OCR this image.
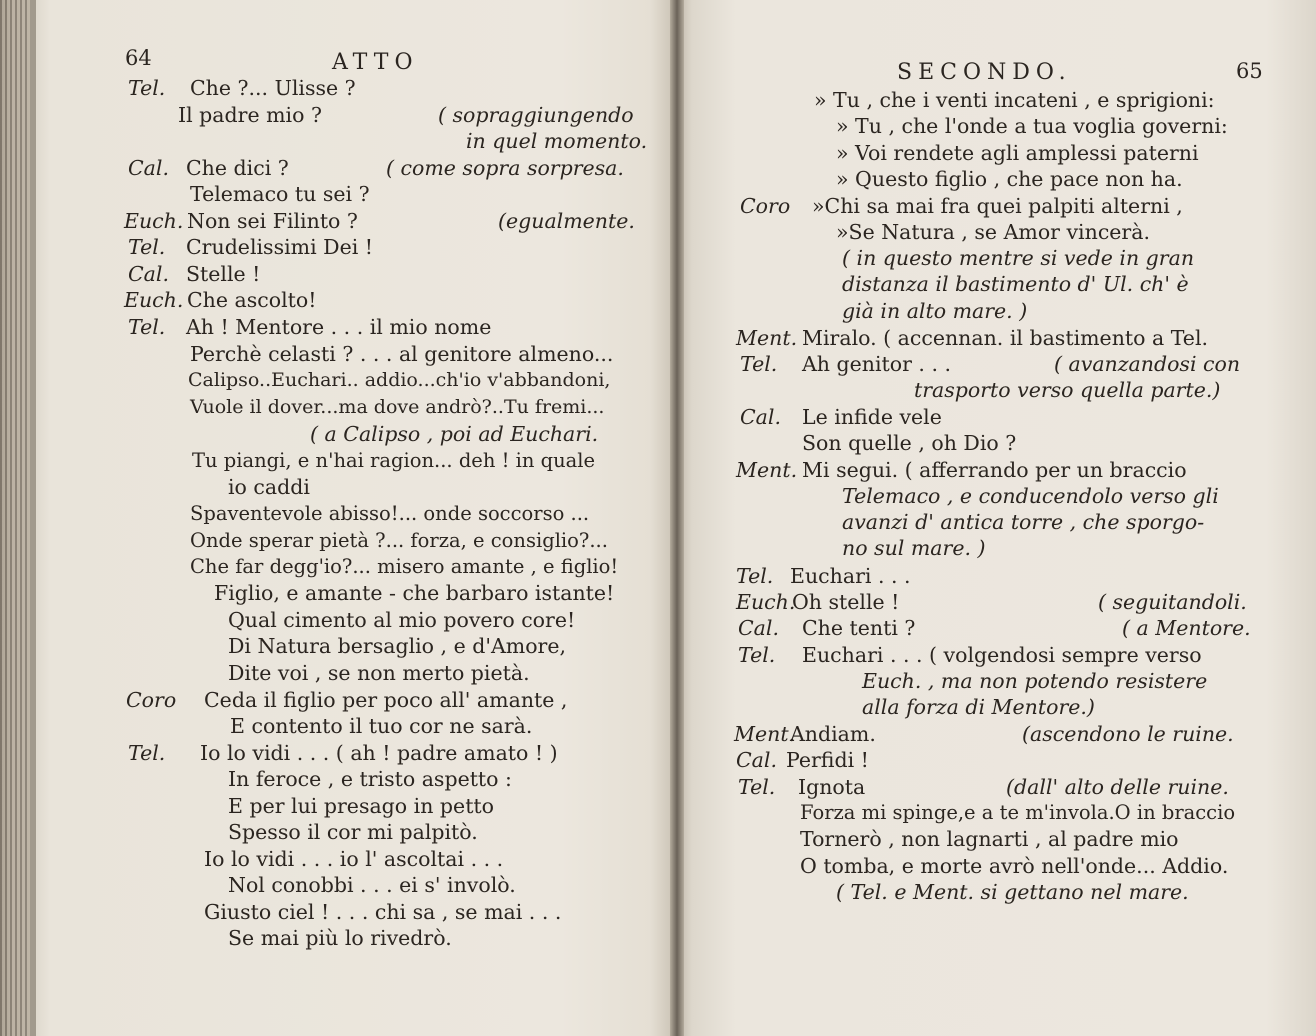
64	ATTO
Tel. Che ?... Ulisse ?
Il padre mio ?	( sopraggiungendo
in quel momento.
Cal. Che dici ?	( come sopra sorpresa.
Telemaco tu sei ?
Euch. Non sei Filinto ?	(egualmente.
Tel. Crudelissimi Dei !
Cal. Stelle !
Euch. Che ascolto!
Tel. Ah ! Mentore . . . il mio nome
Perchè celasti ? . . . al genitore almeno...
Calipso..Euchari.. addio...ch'io v'abbandoni,
Vuole il dover...ma dove andrò?..Tu fremi...
( a Calipso , poi ad Euchari.
Tu piangi, e n'hai ragion... deh ! in quale
io caddi
Spaventevole abisso!... onde soccorso ...
Onde sperar pietà ?... forza, e consiglio?...
Che far degg'io?... misero amante , e figlio!
Figlio, e amante - che barbaro istante!
Qual cimento al mio povero core!
Di Natura bersaglio , e d'Amore,
Dite voi , se non merto pietà.
Coro Ceda il figlio per poco all' amante ,
E contento il tuo cor ne sarà.
Tel. Io lo vidi . . . ( ah ! padre amato ! )
In feroce , e tristo aspetto :
E per lui presago in petto
Spesso il cor mi palpitò.
Io lo vidi . . . io l' ascoltai . . .
Nol conobbi . . . ei s' involò.
Giusto ciel ! . . . chi sa , se mai . . .
Se mai più lo rivedrò.
SECONDO.	65
» Tu , che i venti incateni , e sprigioni:
» Tu , che l'onde a tua voglia governi:
» Voi rendete agli amplessi paterni
» Questo figlio , che pace non ha.
Coro »Chi sa mai fra quei palpiti alterni ,
»Se Natura , se Amor vincerà.
( in questo mentre si vede in gran
distanza il bastimento d' Ul. ch' è
già in alto mare. )
Ment. Miralo. ( accennan. il bastimento a Tel.
Tel. Ah genitor . . .	( avanzandosi con
trasporto verso quella parte.)
Cal. Le infide vele
Son quelle , oh Dio ?
Ment. Mi segui. ( afferrando per un braccio
Telemaco , e conducendolo verso gli
avanzi d' antica torre , che sporgo-
no sul mare. )
Tel. Euchari . . .
Euch.
Oh stelle !	( seguitandoli.
Cal. Che tenti ?	( a Mentore.
Tel. Euchari . . . ( volgendosi sempre verso
Euch. , ma non potendo resistere
alla forza di Mentore.)
Ment.
Andiam.	(ascendono le ruine.
Cal. Perfidi !
Tel. Ignota	(dall' alto delle ruine.
Forza mi spinge,e a te m'invola.O in braccio
Tornerò , non lagnarti , al padre mio
O tomba, e morte avrò nell'onde... Addio.
( Tel. e Ment. si gettano nel mare.
